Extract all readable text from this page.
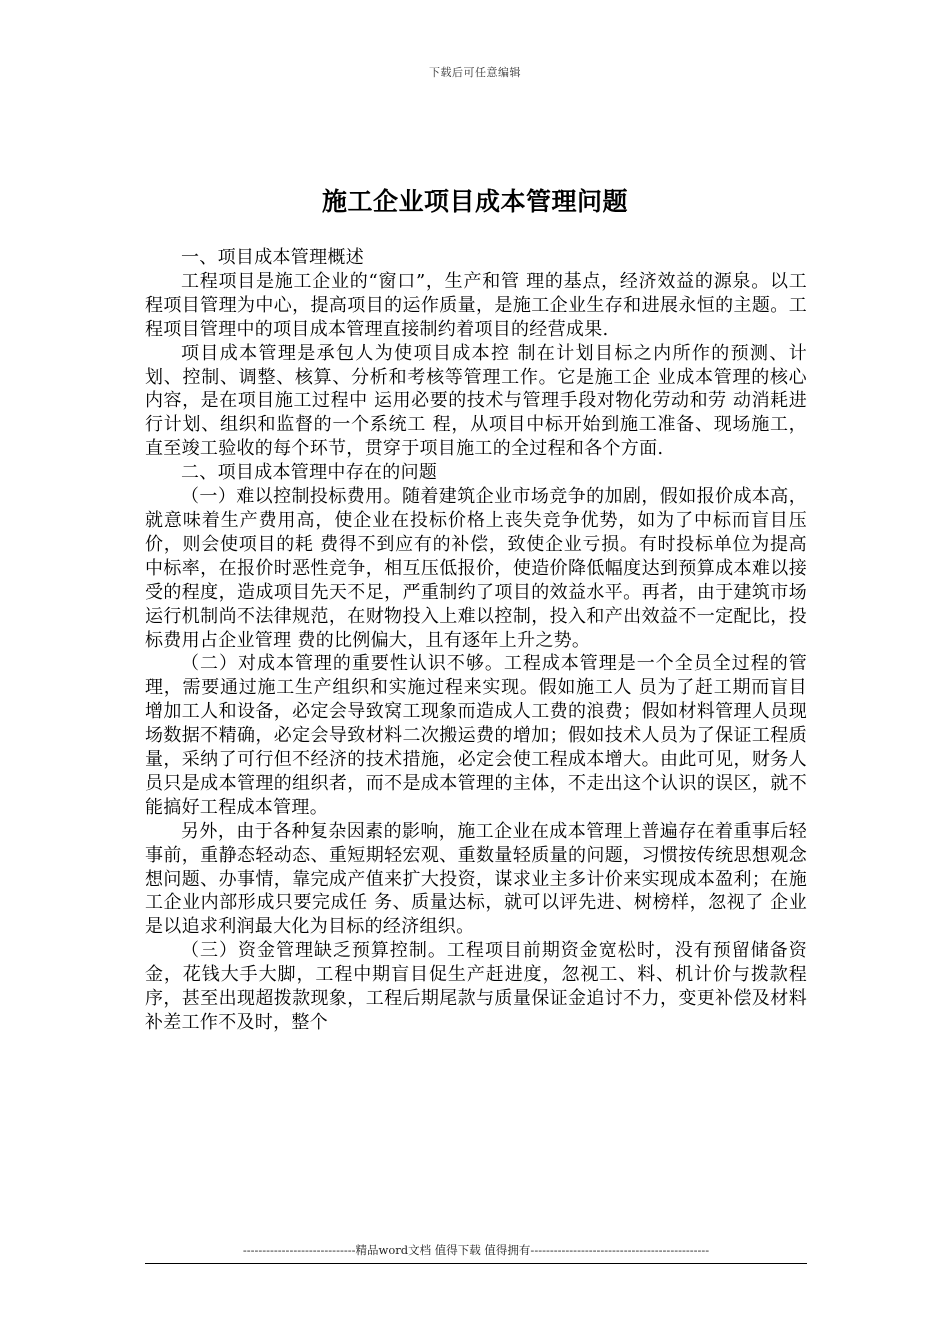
下载后可任意编辑
施工企业项目成本管理问题

一、项目成本管理概述

工程项目是施工企业的“窗口”，生产和管 理的基点，经济效益的源泉。以工程项目管理为中心，提高项目的运作质量，是施工企业生存和进展永恒的主题。工程项目管理中的项目成本管理直接制约着项目的经营成果.

项目成本管理是承包人为使项目成本控 制在计划目标之内所作的预测、计划、控制、调整、核算、分析和考核等管理工作。它是施工企 业成本管理的核心内容，是在项目施工过程中 运用必要的技术与管理手段对物化劳动和劳 动消耗进行计划、组织和监督的一个系统工 程，从项目中标开始到施工准备、现场施工，直至竣工验收的每个环节，贯穿于项目施工的全过程和各个方面.

二、项目成本管理中存在的问题

（一）难以控制投标费用。随着建筑企业市场竞争的加剧，假如报价成本高，就意味着生产费用高，使企业在投标价格上丧失竞争优势，如为了中标而盲目压价，则会使项目的耗 费得不到应有的补偿，致使企业亏损。有时投标单位为提高中标率，在报价时恶性竞争，相互压低报价，使造价降低幅度达到预算成本难以接受的程度，造成项目先天不足，严重制约了项目的效益水平。再者，由于建筑市场运行机制尚不法律规范，在财物投入上难以控制，投入和产出效益不一定配比，投标费用占企业管理 费的比例偏大，且有逐年上升之势。

（二）对成本管理的重要性认识不够。工程成本管理是一个全员全过程的管理，需要通过施工生产组织和实施过程来实现。假如施工人 员为了赶工期而盲目增加工人和设备，必定会导致窝工现象而造成人工费的浪费；假如材料管理人员现场数据不精确，必定会导致材料二次搬运费的增加；假如技术人员为了保证工程质量，采纳了可行但不经济的技术措施，必定会使工程成本增大。由此可见，财务人员只是成本管理的组织者，而不是成本管理的主体，不走出这个认识的误区，就不能搞好工程成本管理。

另外，由于各种复杂因素的影响，施工企业在成本管理上普遍存在着重事后轻事前，重静态轻动态、重短期轻宏观、重数量轻质量的问题，习惯按传统思想观念想问题、办事情，靠完成产值来扩大投资，谋求业主多计价来实现成本盈利；在施工企业内部形成只要完成任 务、质量达标，就可以评先进、树榜样，忽视了 企业是以追求利润最大化为目标的经济组织。

（三）资金管理缺乏预算控制。工程项目前期资金宽松时，没有预留储备资金，花钱大手大脚，工程中期盲目促生产赶进度，忽视工、料、机计价与拨款程序，甚至出现超拨款现象，工程后期尾款与质量保证金追讨不力，变更补偿及材料补差工作不及时，整个

-----------------------------精品word文档 值得下载 值得拥有----------------------------------------------
